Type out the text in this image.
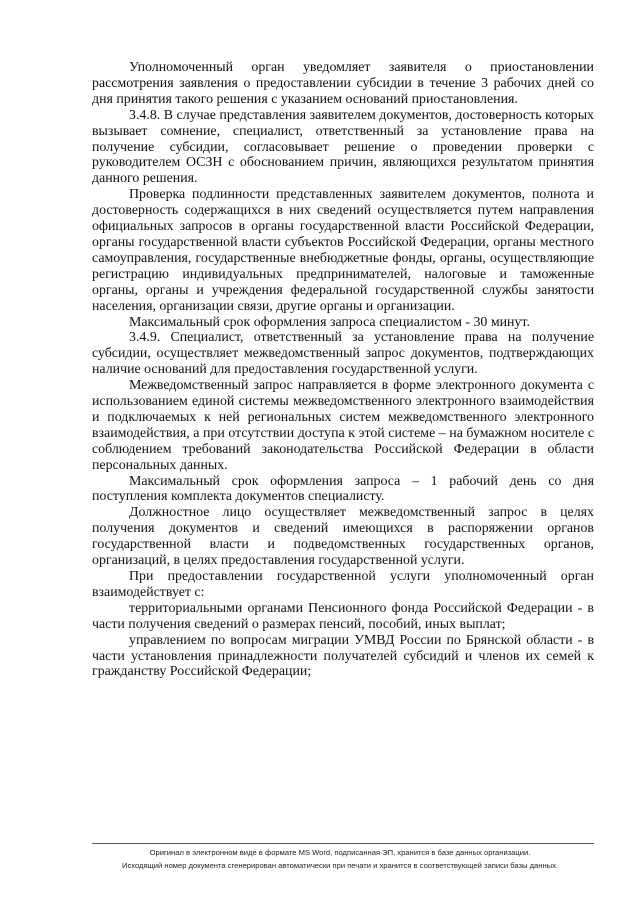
Уполномоченный орган уведомляет заявителя о приостановлении рассмотрения заявления о предоставлении субсидии в течение 3 рабочих дней со дня принятия такого решения с указанием оснований приостановления.

3.4.8. В случае представления заявителем документов, достоверность которых вызывает сомнение, специалист, ответственный за установление права на получение субсидии, согласовывает решение о проведении проверки с руководителем ОСЗН с обоснованием причин, являющихся результатом принятия данного решения.

Проверка подлинности представленных заявителем документов, полнота и достоверность содержащихся в них сведений осуществляется путем направления официальных запросов в органы государственной власти Российской Федерации, органы государственной власти субъектов Российской Федерации, органы местного самоуправления, государственные внебюджетные фонды, органы, осуществляющие регистрацию индивидуальных предпринимателей, налоговые и таможенные органы, органы и учреждения федеральной государственной службы занятости населения, организации связи, другие органы и организации.

Максимальный срок оформления запроса специалистом - 30 минут.

3.4.9. Специалист, ответственный за установление права на получение субсидии, осуществляет межведомственный запрос документов, подтверждающих наличие оснований для предоставления государственной услуги.

Межведомственный запрос направляется в форме электронного документа с использованием единой системы межведомственного электронного взаимодействия и подключаемых к ней региональных систем межведомственного электронного взаимодействия, а при отсутствии доступа к этой системе – на бумажном носителе с соблюдением требований законодательства Российской Федерации в области персональных данных.

Максимальный срок оформления запроса – 1 рабочий день со дня поступления комплекта документов специалисту.

Должностное лицо осуществляет межведомственный запрос в целях получения документов и сведений имеющихся в распоряжении органов государственной власти и подведомственных государственных органов, организаций, в целях предоставления государственной услуги.

При предоставлении государственной услуги уполномоченный орган взаимодействует с:

территориальными органами Пенсионного фонда Российской Федерации - в части получения сведений о размерах пенсий, пособий, иных выплат;

управлением по вопросам миграции УМВД России по Брянской области - в части установления принадлежности получателей субсидий и членов их семей к гражданству Российской Федерации;

Оригинал в электронном виде в формате MS Word, подписанная ЭП, хранится в базе данных организации.
Исходящий номер документа сгенерирован автоматически при печати и хранится в соответствующей записи базы данных.
